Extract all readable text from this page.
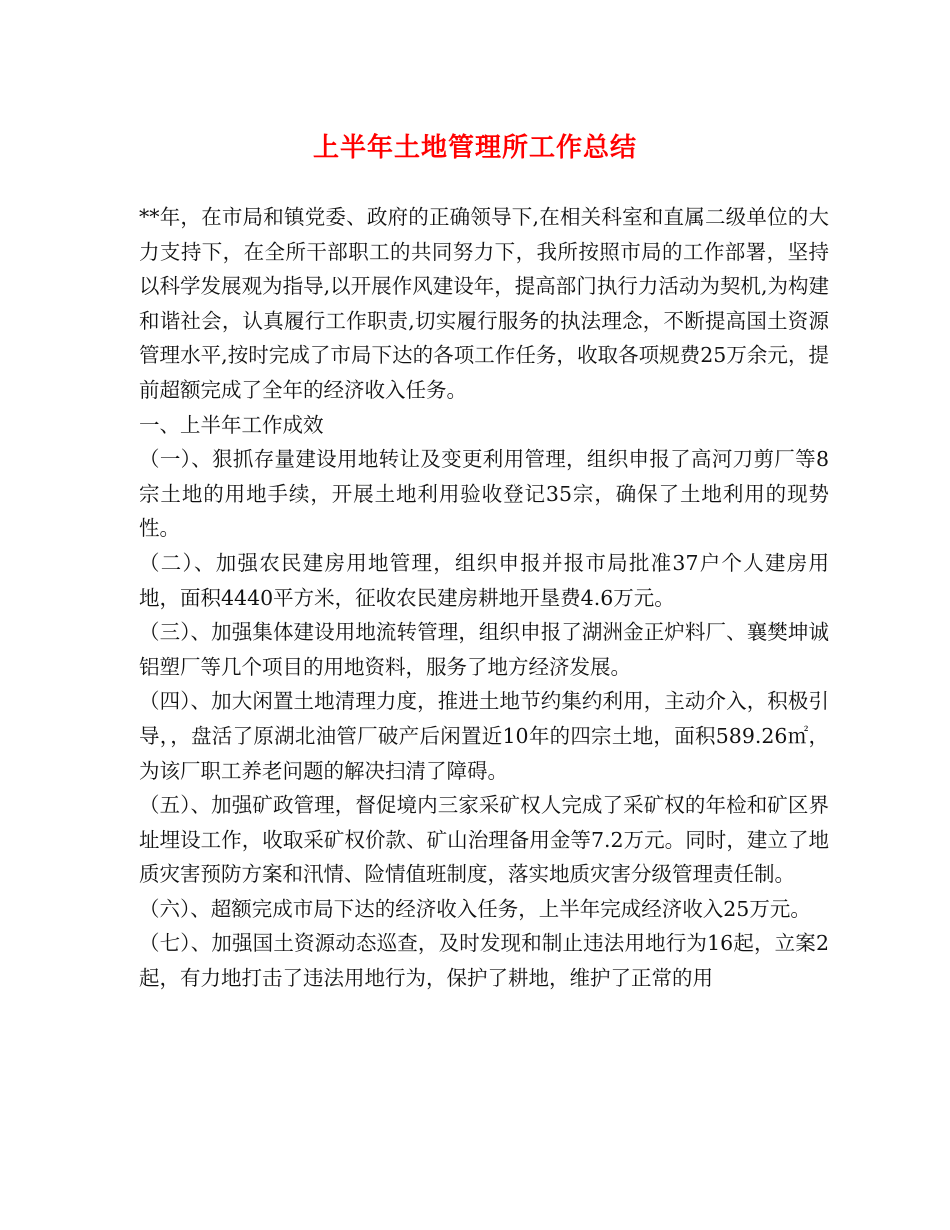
上半年土地管理所工作总结

**年，在市局和镇党委、政府的正确领导下,在相关科室和直属二级单位的大力支持下，在全所干部职工的共同努力下，我所按照市局的工作部署，坚持以科学发展观为指导,以开展作风建设年，提高部门执行力活动为契机,为构建和谐社会，认真履行工作职责,切实履行服务的执法理念，不断提高国土资源管理水平,按时完成了市局下达的各项工作任务，收取各项规费25万余元，提前超额完成了全年的经济收入任务。

一、上半年工作成效

（一）、狠抓存量建设用地转让及变更利用管理，组织申报了高河刀剪厂等8宗土地的用地手续，开展土地利用验收登记35宗，确保了土地利用的现势性。

（二）、加强农民建房用地管理，组织申报并报市局批准37户个人建房用地，面积4440平方米，征收农民建房耕地开垦费4.6万元。

（三）、加强集体建设用地流转管理，组织申报了湖洲金正炉料厂、襄樊坤诚铝塑厂等几个项目的用地资料，服务了地方经济发展。

（四）、加大闲置土地清理力度，推进土地节约集约利用，主动介入，积极引导，，盘活了原湖北油管厂破产后闲置近10年的四宗土地，面积589.26㎡，为该厂职工养老问题的解决扫清了障碍。

（五）、加强矿政管理，督促境内三家采矿权人完成了采矿权的年检和矿区界址埋设工作，收取采矿权价款、矿山治理备用金等7.2万元。同时，建立了地质灾害预防方案和汛情、险情值班制度，落实地质灾害分级管理责任制。

（六）、超额完成市局下达的经济收入任务，上半年完成经济收入25万元。

（七）、加强国土资源动态巡查，及时发现和制止违法用地行为16起，立案2起，有力地打击了违法用地行为，保护了耕地，维护了正常的用
